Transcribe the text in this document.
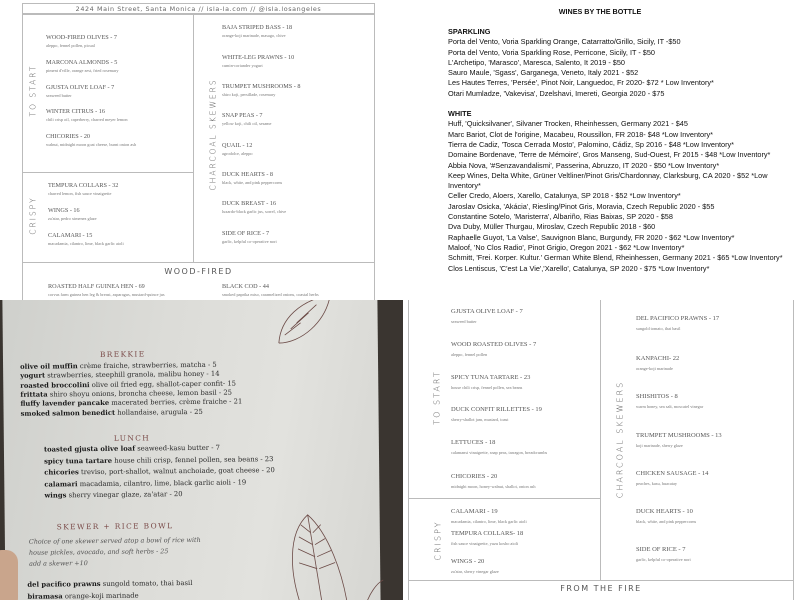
2424 Main Street, Santa Monica // isla-la.com // @isla.losangeles
TO START
CRISPY
CHARCOAL SKEWERS
WOOD-FIRED OLIVES - 7
aleppo, fennel pollen, picual
MARCONA ALMONDS - 5
piment d'ville, orange zest, fried rosemary
GJUSTA OLIVE LOAF - 7
seaweed butter
WINTER CITRUS - 16
chili crisp oil, caperberry, charred meyer lemon
CHICORIES - 20
walnut, midnight moon goat cheese, burnt onion ash
TEMPURA COLLARS - 32
charred lemon, fish sauce vinaigrette
WINGS - 16
za'atar, pedro ximenez glaze
CALAMARI - 15
macadamia, cilantro, lime, black garlic aioli
BAJA STRIPED BASS - 18
orange-koji marinade, masago, chive
WHITE-LEG PRAWNS - 10
cumin-coriander yogurt
TRUMPET MUSHROOMS - 8
shiro koji, persillade, rosemary
SNAP PEAS - 7
yellow koji, chili oil, sesame
QUAIL - 12
agrodolce, aleppo
DUCK HEARTS - 8
black, white, and pink peppercorns
DUCK BREAST - 16
luxardo-black garlic jus, sorrel, chive
SIDE OF RICE - 7
garlic, kelpful co-operative nori
ROASTED HALF GUINEA HEN - 69
corvus farm guinea hen leg & breast, asparagus, mustard-quince jus
BLACK COD - 44
smoked paprika miso, caramelized onions, coastal herbs
WOOD-FIRED
WINES BY THE BOTTLE
SPARKLING
Porta del Vento, Voria Sparkling Orange, Catarratto/Grillo, Sicily, IT -$50
Porta del Vento, Voria Sparkling Rose, Perricone, Sicily, IT - $50
L'Archetipo, 'Marasco', Maresca, Salento, It 2019 - $50
Sauro Maule, 'Sgass', Garganega, Veneto, Italy 2021 - $52
Les Hautes Terres, 'Persée', Pinot Noir, Languedoc, Fr 2020- $72 * Low Inventory*
Otari Mumladze, 'Vakevisa', Dzelshavi, Imereti, Georgia 2020 - $75
WHITE
Huff, 'Quicksilvaner', Silvaner Trocken, Rheinhessen, Germany 2021 - $45
Marc Bariot, Clot de l'origine, Macabeu, Roussillon, FR 2018- $48 *Low Inventory*
Tierra de Cadiz, 'Tosca Cerrada Mosto', Palomino, Cádiz, Sp 2016 - $48 *Low Inventory*
Domaine Bordenave, 'Terre de Mémoire', Gros Manseng, Sud-Ouest, Fr 2015 - $48 *Low Inventory*
Abbia Nova, '#Senzavandalismi', Passerina, Abruzzo, IT 2020 - $50 *Low Inventory*
Keep Wines, Delta White, Grüner Veltliner/Pinot Gris/Chardonnay, Clarksburg, CA 2020 - $52 *Low Inventory*
Celler Credo, Aloers, Xarello, Catalunya, SP 2018 - $52 *Low Inventory*
Jaroslav Osicka, 'Akácia', Riesling/Pinot Gris, Moravia, Czech Republic 2020 - $55
Constantine Sotelo, 'Maristerra', Albariño, Rias Baixas, SP 2020 - $58
Dva Duby, Müller Thurgau, Miroslav, Czech Republic 2018 - $60
Raphaelle Guyot, 'La Valse', Sauvignon Blanc, Burgundy, FR 2020 - $62 *Low Inventory*
Maloof, 'No Clos Radio', Pinot Grigio, Oregon 2021 - $62 *Low Inventory*
Schmitt, 'Frei. Korper. Kultur.' German White Blend, Rheinhessen, Germany 2021 - $65 *Low Inventory*
Clos Lentiscus, 'C'est La Vie','Xarello', Catalunya, SP 2020 - $75 *Low Inventory*
BREKKIE
olive oil muffin crème fraiche, strawberries, matcha - 5
yogurt strawberries, steephill granola, malibu honey - 14
roasted broccolini olive oil fried egg, shallot-caper confit- 15
frittata shiro shoyu onions, broncha cheese, lemon basil - 25
fluffy lavender pancake macerated berries, crème fraiche - 21
smoked salmon benedict hollandaise, arugula - 25
LUNCH
toasted gjusta olive loaf seaweed-kasu butter - 7
spicy tuna tartare house chili crisp, fennel pollen, sea beans - 23
chicories treviso, port-shallot, walnut anchoiade, goat cheese - 20
calamari macadamia, cilantro, lime, black garlic aioli - 19
wings sherry vinegar glaze, za'atar - 20
SKEWER + RICE BOWL
Choice of one skewer served atop a bowl of rice with
house pickles, avocado, and soft herbs - 25
add a skewer +10
del pacifico prawns sungold tomato, thai basil
biramasa orange-koji marinade
TO START
CRISPY
CHARCOAL SKEWERS
GJUSTA OLIVE LOAF - 7
seaweed butter
WOOD ROASTED OLIVES - 7
aleppo, fennel pollen
SPICY TUNA TARTARE - 23
house chili crisp, fennel pollen, sea beans
DUCK CONFIT RILLETTES - 19
sherry-shallot jam, mustard, toast
LETTUCES - 18
calamansi vinaigrette, snap peas, tarragon, breadcrumbs
CHICORIES - 20
midnight moon, honey-walnut, shallot, onion ash
CALAMARI - 19
macadamia, cilantro, lime, black garlic aioli
TEMPURA COLLARS- 18
fish sauce vinaigrette, yuzu kosho aioli
WINGS - 20
za'atar, sherry vinegar glaze
DEL PACIFICO PRAWNS - 17
sungold tomato, thai basil
KANPACHI- 22
orange-koji marinade
SHISHITOS - 8
warm honey, sea salt, moscatel vinegar
TRUMPET MUSHROOMS - 13
koji marinade, sherry glaze
CHICKEN SAUSAGE - 14
peaches, kasu, huacatay
DUCK HEARTS - 10
black, white, and pink peppercorns
SIDE OF RICE - 7
garlic, kelpful co-operative nori
FROM THE FIRE
